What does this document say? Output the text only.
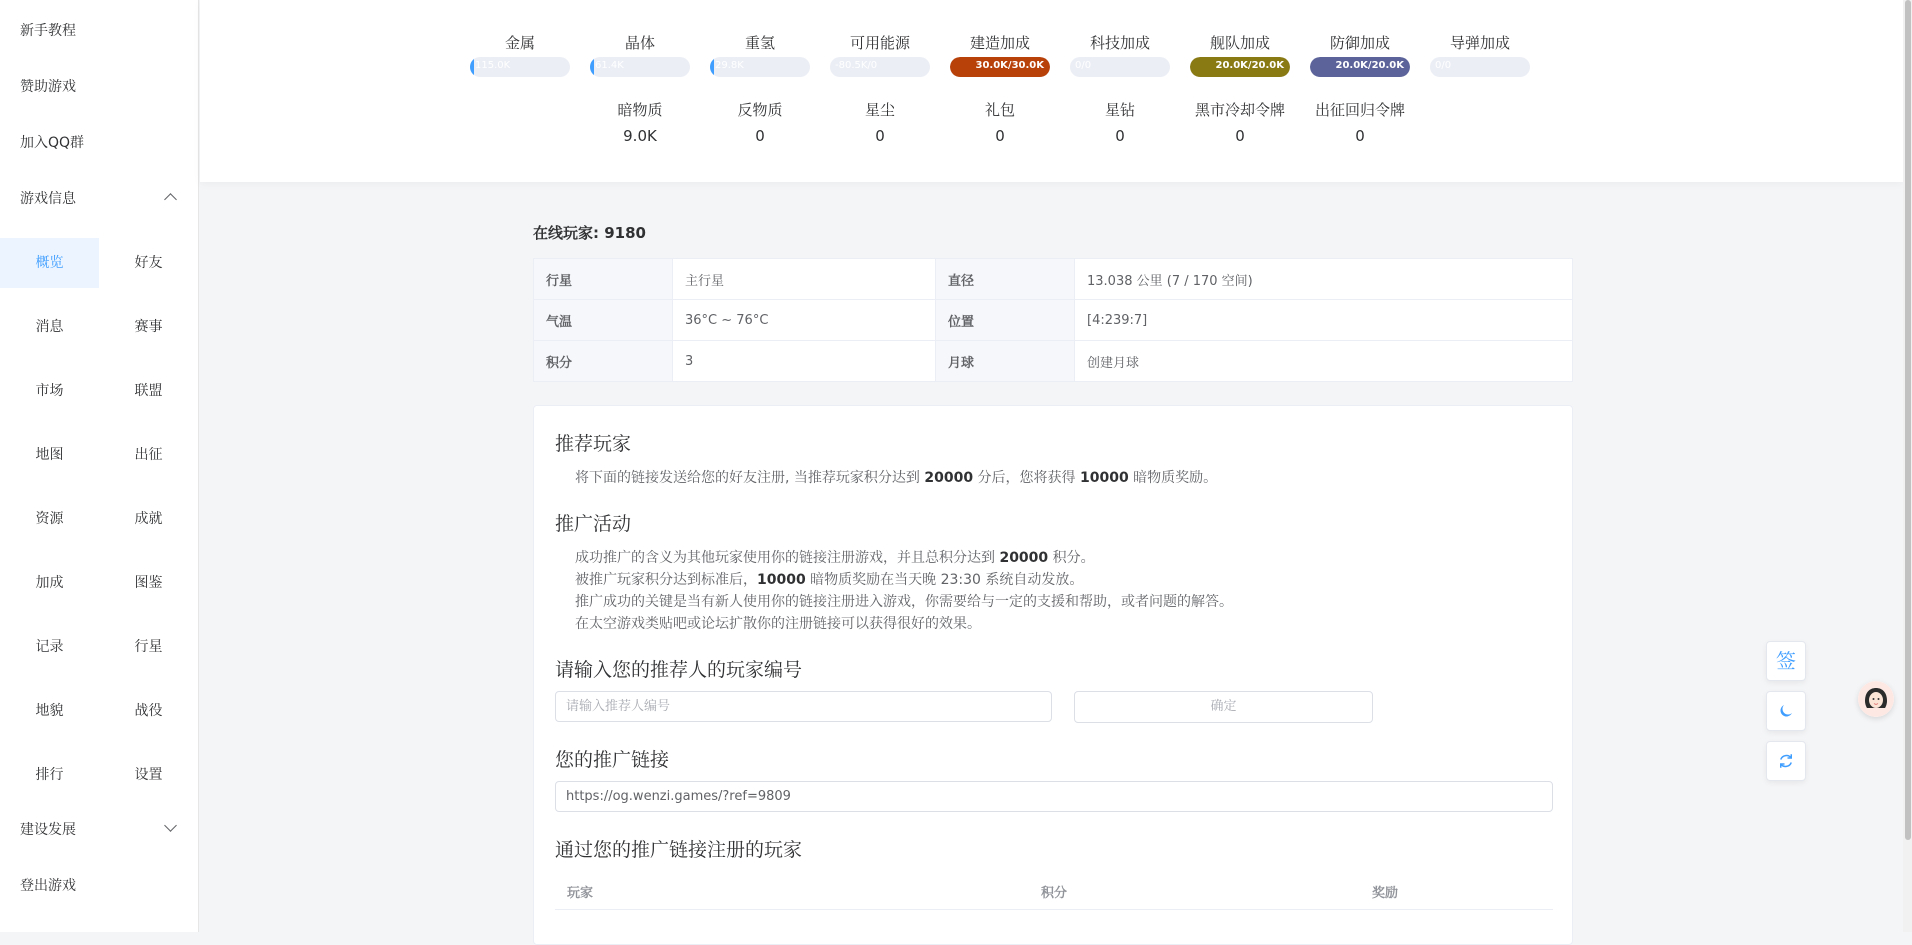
新手教程
赞助游戏
加入QQ群
游戏信息
建设发展
登出游戏
概览	好友
消息	赛事
市场	联盟
地图	出征
资源	成就
加成	图鉴
记录	行星
地貌	战役
排行	设置
金属
115.0K
晶体
61.4K
重氢
29.8K
可用能源
-80.5K/0
建造加成
30.0K/30.0K
科技加成
0/0
舰队加成
20.0K/20.0K
防御加成
20.0K/20.0K
导弹加成
0/0
暗物质
9.0K
反物质
0
星尘
0
礼包
0
星钻
0
黑市冷却令牌
0
出征回归令牌
0
在线玩家: 9180
行星	主行星	直径	13.038 公里 (7 / 170 空间)
气温	36°C ~ 76°C	位置	[4:239:7]
积分	3	月球	创建月球
推荐玩家
将下面的链接发送给您的好友注册, 当推荐玩家积分达到 20000 分后，您将获得 10000 暗物质奖励。
推广活动
成功推广的含义为其他玩家使用你的链接注册游戏，并且总积分达到 20000 积分。
被推广玩家积分达到标准后，10000 暗物质奖励在当天晚 23:30 系统自动发放。
推广成功的关键是当有新人使用你的链接注册进入游戏，你需要给与一定的支援和帮助，或者问题的解答。
在太空游戏类贴吧或论坛扩散你的注册链接可以获得很好的效果。
请输入您的推荐人的玩家编号
请输入推荐人编号
确定
您的推广链接
https://og.wenzi.games/?ref=9809
通过您的推广链接注册的玩家
玩家	积分	奖励
签
